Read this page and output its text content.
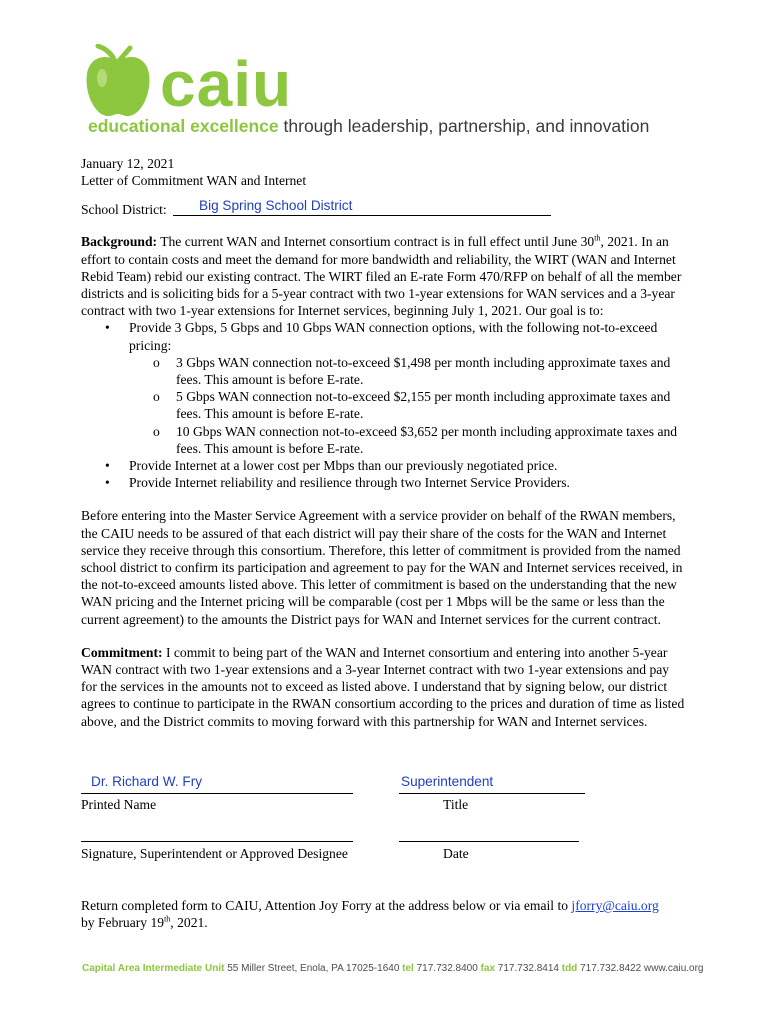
caiu
educational excellence through leadership, partnership, and innovation
January 12, 2021
Letter of Commitment WAN and Internet
School District: Big Spring School District

Background: The current WAN and Internet consortium contract is in full effect until June 30th, 2021. In an effort to contain costs and meet the demand for more bandwidth and reliability, the WIRT (WAN and Internet Rebid Team) rebid our existing contract. The WIRT filed an E-rate Form 470/RFP on behalf of all the member districts and is soliciting bids for a 5-year contract with two 1-year extensions for WAN services and a 3-year contract with two 1-year extensions for Internet services, beginning July 1, 2021. Our goal is to:

• Provide 3 Gbps, 5 Gbps and 10 Gbps WAN connection options, with the following not-to-exceed pricing:
o 3 Gbps WAN connection not-to-exceed $1,498 per month including approximate taxes and fees. This amount is before E-rate.
o 5 Gbps WAN connection not-to-exceed $2,155 per month including approximate taxes and fees. This amount is before E-rate.
o 10 Gbps WAN connection not-to-exceed $3,652 per month including approximate taxes and fees. This amount is before E-rate.
• Provide Internet at a lower cost per Mbps than our previously negotiated price.
• Provide Internet reliability and resilience through two Internet Service Providers.

Before entering into the Master Service Agreement with a service provider on behalf of the RWAN members, the CAIU needs to be assured of that each district will pay their share of the costs for the WAN and Internet service they receive through this consortium. Therefore, this letter of commitment is provided from the named school district to confirm its participation and agreement to pay for the WAN and Internet services received, in the not-to-exceed amounts listed above. This letter of commitment is based on the understanding that the new WAN pricing and the Internet pricing will be comparable (cost per 1 Mbps will be the same or less than the current agreement) to the amounts the District pays for WAN and Internet services for the current contract.

Commitment: I commit to being part of the WAN and Internet consortium and entering into another 5-year WAN contract with two 1-year extensions and a 3-year Internet contract with two 1-year extensions and pay for the services in the amounts not to exceed as listed above. I understand that by signing below, our district agrees to continue to participate in the RWAN consortium according to the prices and duration of time as listed above, and the District commits to moving forward with this partnership for WAN and Internet services.

Dr. Richard W. Fry
Printed Name
Superintendent
Title
Signature, Superintendent or Approved Designee	Date
Return completed form to CAIU, Attention Joy Forry at the address below or via email to jforry@caiu.org
by February 19th, 2021.
Capital Area Intermediate Unit 55 Miller Street, Enola, PA 17025-1640 tel 717.732.8400 fax 717.732.8414 tdd 717.732.8422 www.caiu.org
